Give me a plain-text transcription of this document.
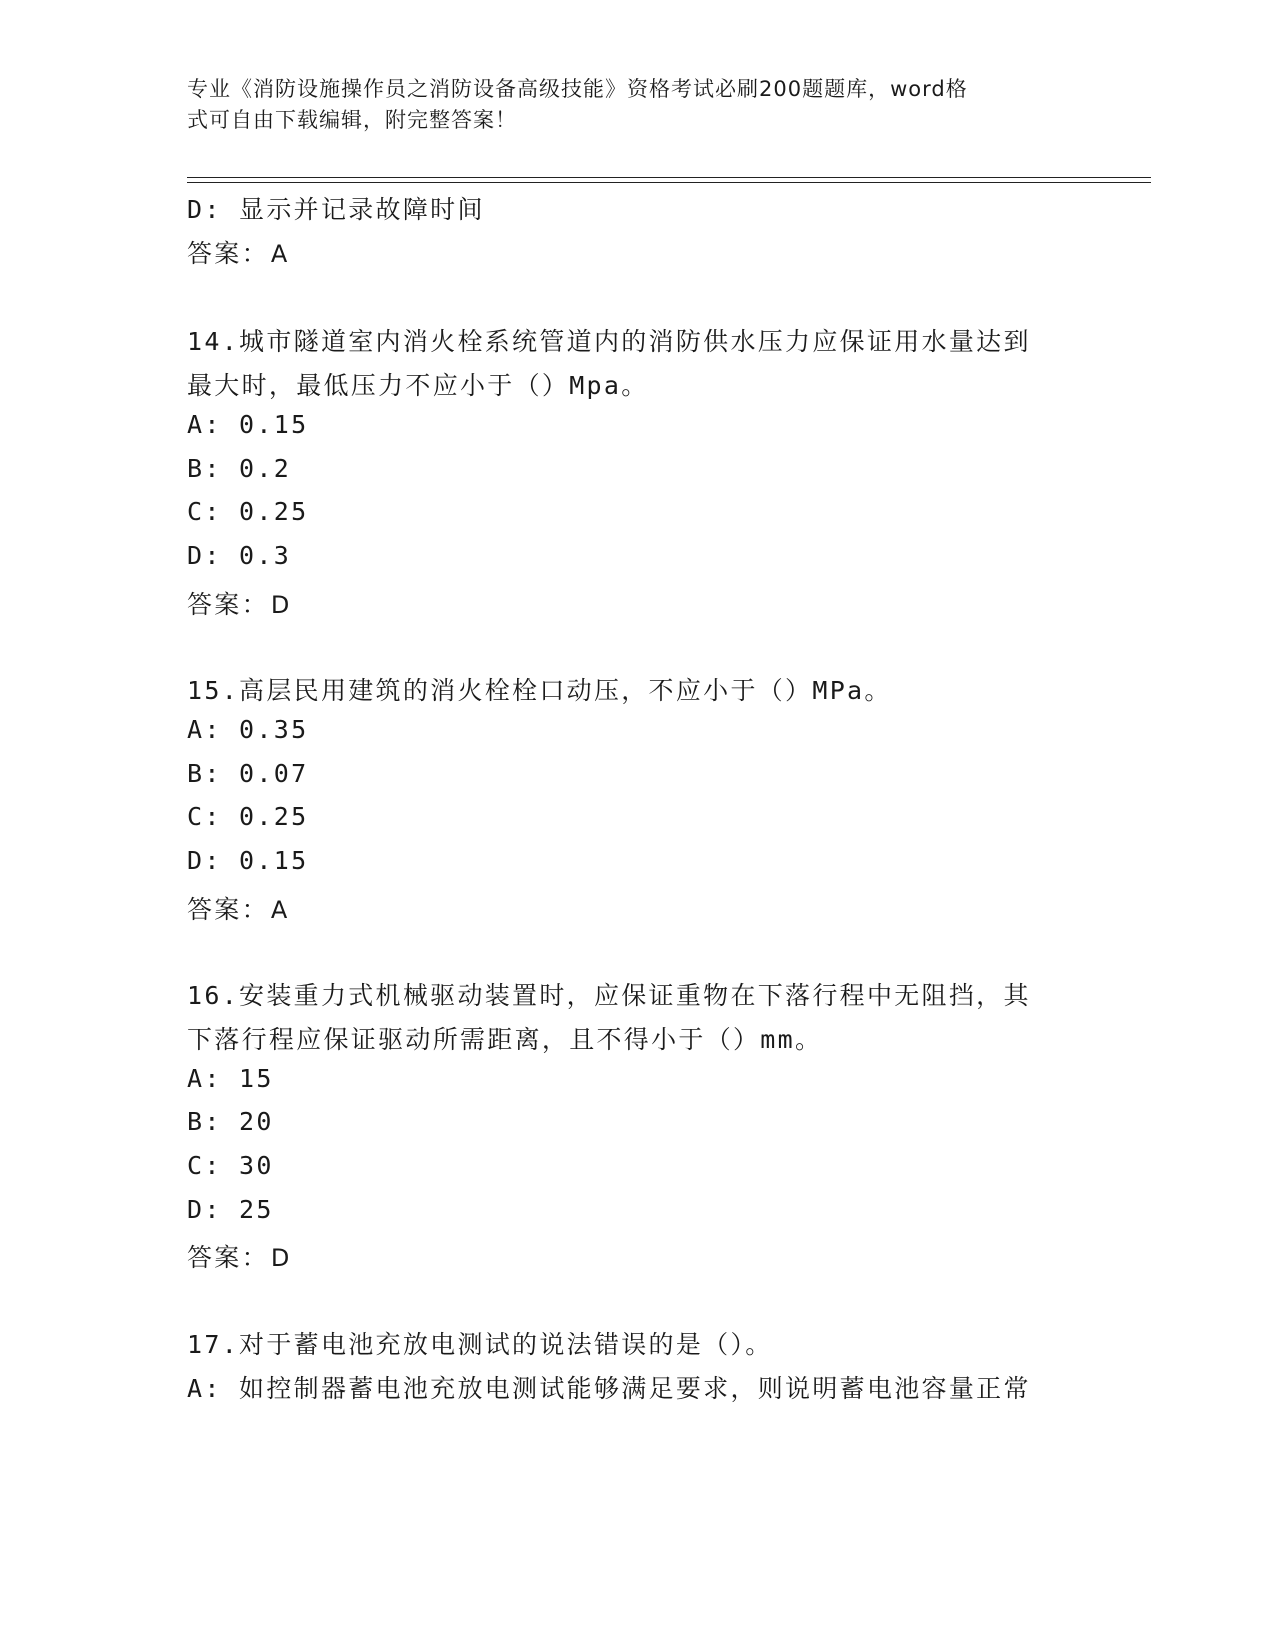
专业《消防设施操作员之消防设备高级技能》资格考试必刷200题题库，word格
式可自由下载编辑，附完整答案！
D: 显示并记录故障时间
答案：A
14.城市隧道室内消火栓系统管道内的消防供水压力应保证用水量达到
最大时，最低压力不应小于（）Mpa。
A: 0.15
B: 0.2
C: 0.25
D: 0.3
答案：D
15.高层民用建筑的消火栓栓口动压，不应小于（）MPa。
A: 0.35
B: 0.07
C: 0.25
D: 0.15
答案：A
16.安装重力式机械驱动装置时，应保证重物在下落行程中无阻挡，其
下落行程应保证驱动所需距离，且不得小于（）mm。
A: 15
B: 20
C: 30
D: 25
答案：D
17.对于蓄电池充放电测试的说法错误的是（）。
A: 如控制器蓄电池充放电测试能够满足要求，则说明蓄电池容量正常
